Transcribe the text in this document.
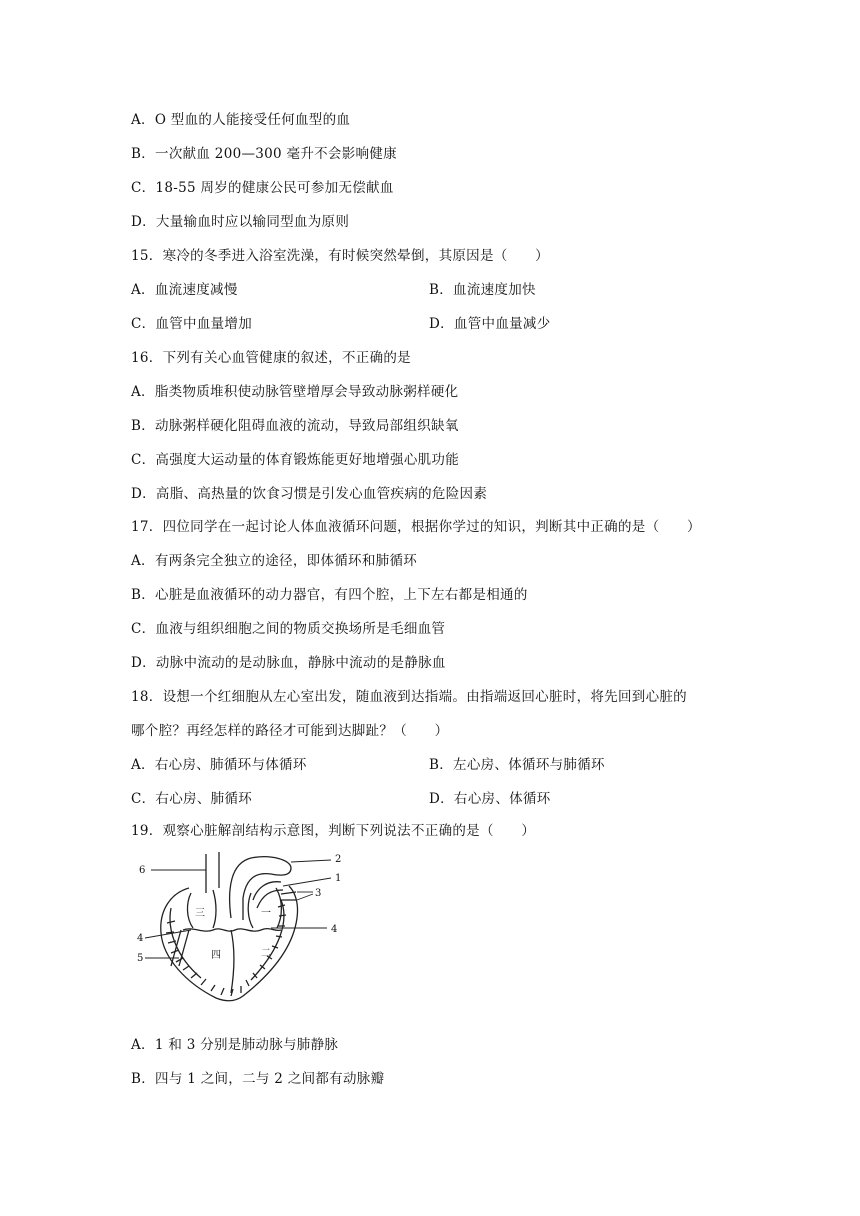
A．O 型血的人能接受任何血型的血
B．一次献血 200—300 毫升不会影响健康
C．18-55 周岁的健康公民可参加无偿献血
D．大量输血时应以输同型血为原则
15．寒冷的冬季进入浴室洗澡，有时候突然晕倒，其原因是（　　）
A．血流速度减慢	B．血流速度加快
C．血管中血量增加	D．血管中血量减少
16．下列有关心血管健康的叙述，不正确的是
A．脂类物质堆积使动脉管壁增厚会导致动脉粥样硬化
B．动脉粥样硬化阻碍血液的流动，导致局部组织缺氧
C．高强度大运动量的体育锻炼能更好地增强心肌功能
D．高脂、高热量的饮食习惯是引发心血管疾病的危险因素
17．四位同学在一起讨论人体血液循环问题，根据你学过的知识，判断其中正确的是（　　）
A．有两条完全独立的途径，即体循环和肺循环
B．心脏是血液循环的动力器官，有四个腔，上下左右都是相通的
C．血液与组织细胞之间的物质交换场所是毛细血管
D．动脉中流动的是动脉血，静脉中流动的是静脉血
18．设想一个红细胞从左心室出发，随血液到达指端。由指端返回心脏时，将先回到心脏的
哪个腔？再经怎样的路径才可能到达脚趾？（　　）
A．右心房、肺循环与体循环	B．左心房、体循环与肺循环
C．右心房、肺循环	D．右心房、体循环
19．观察心脏解剖结构示意图，判断下列说法不正确的是（　　）
6
2
1
3
4
4
5
一
二
三
四
A．1 和 3 分别是肺动脉与肺静脉
B．四与 1 之间，二与 2 之间都有动脉瓣
